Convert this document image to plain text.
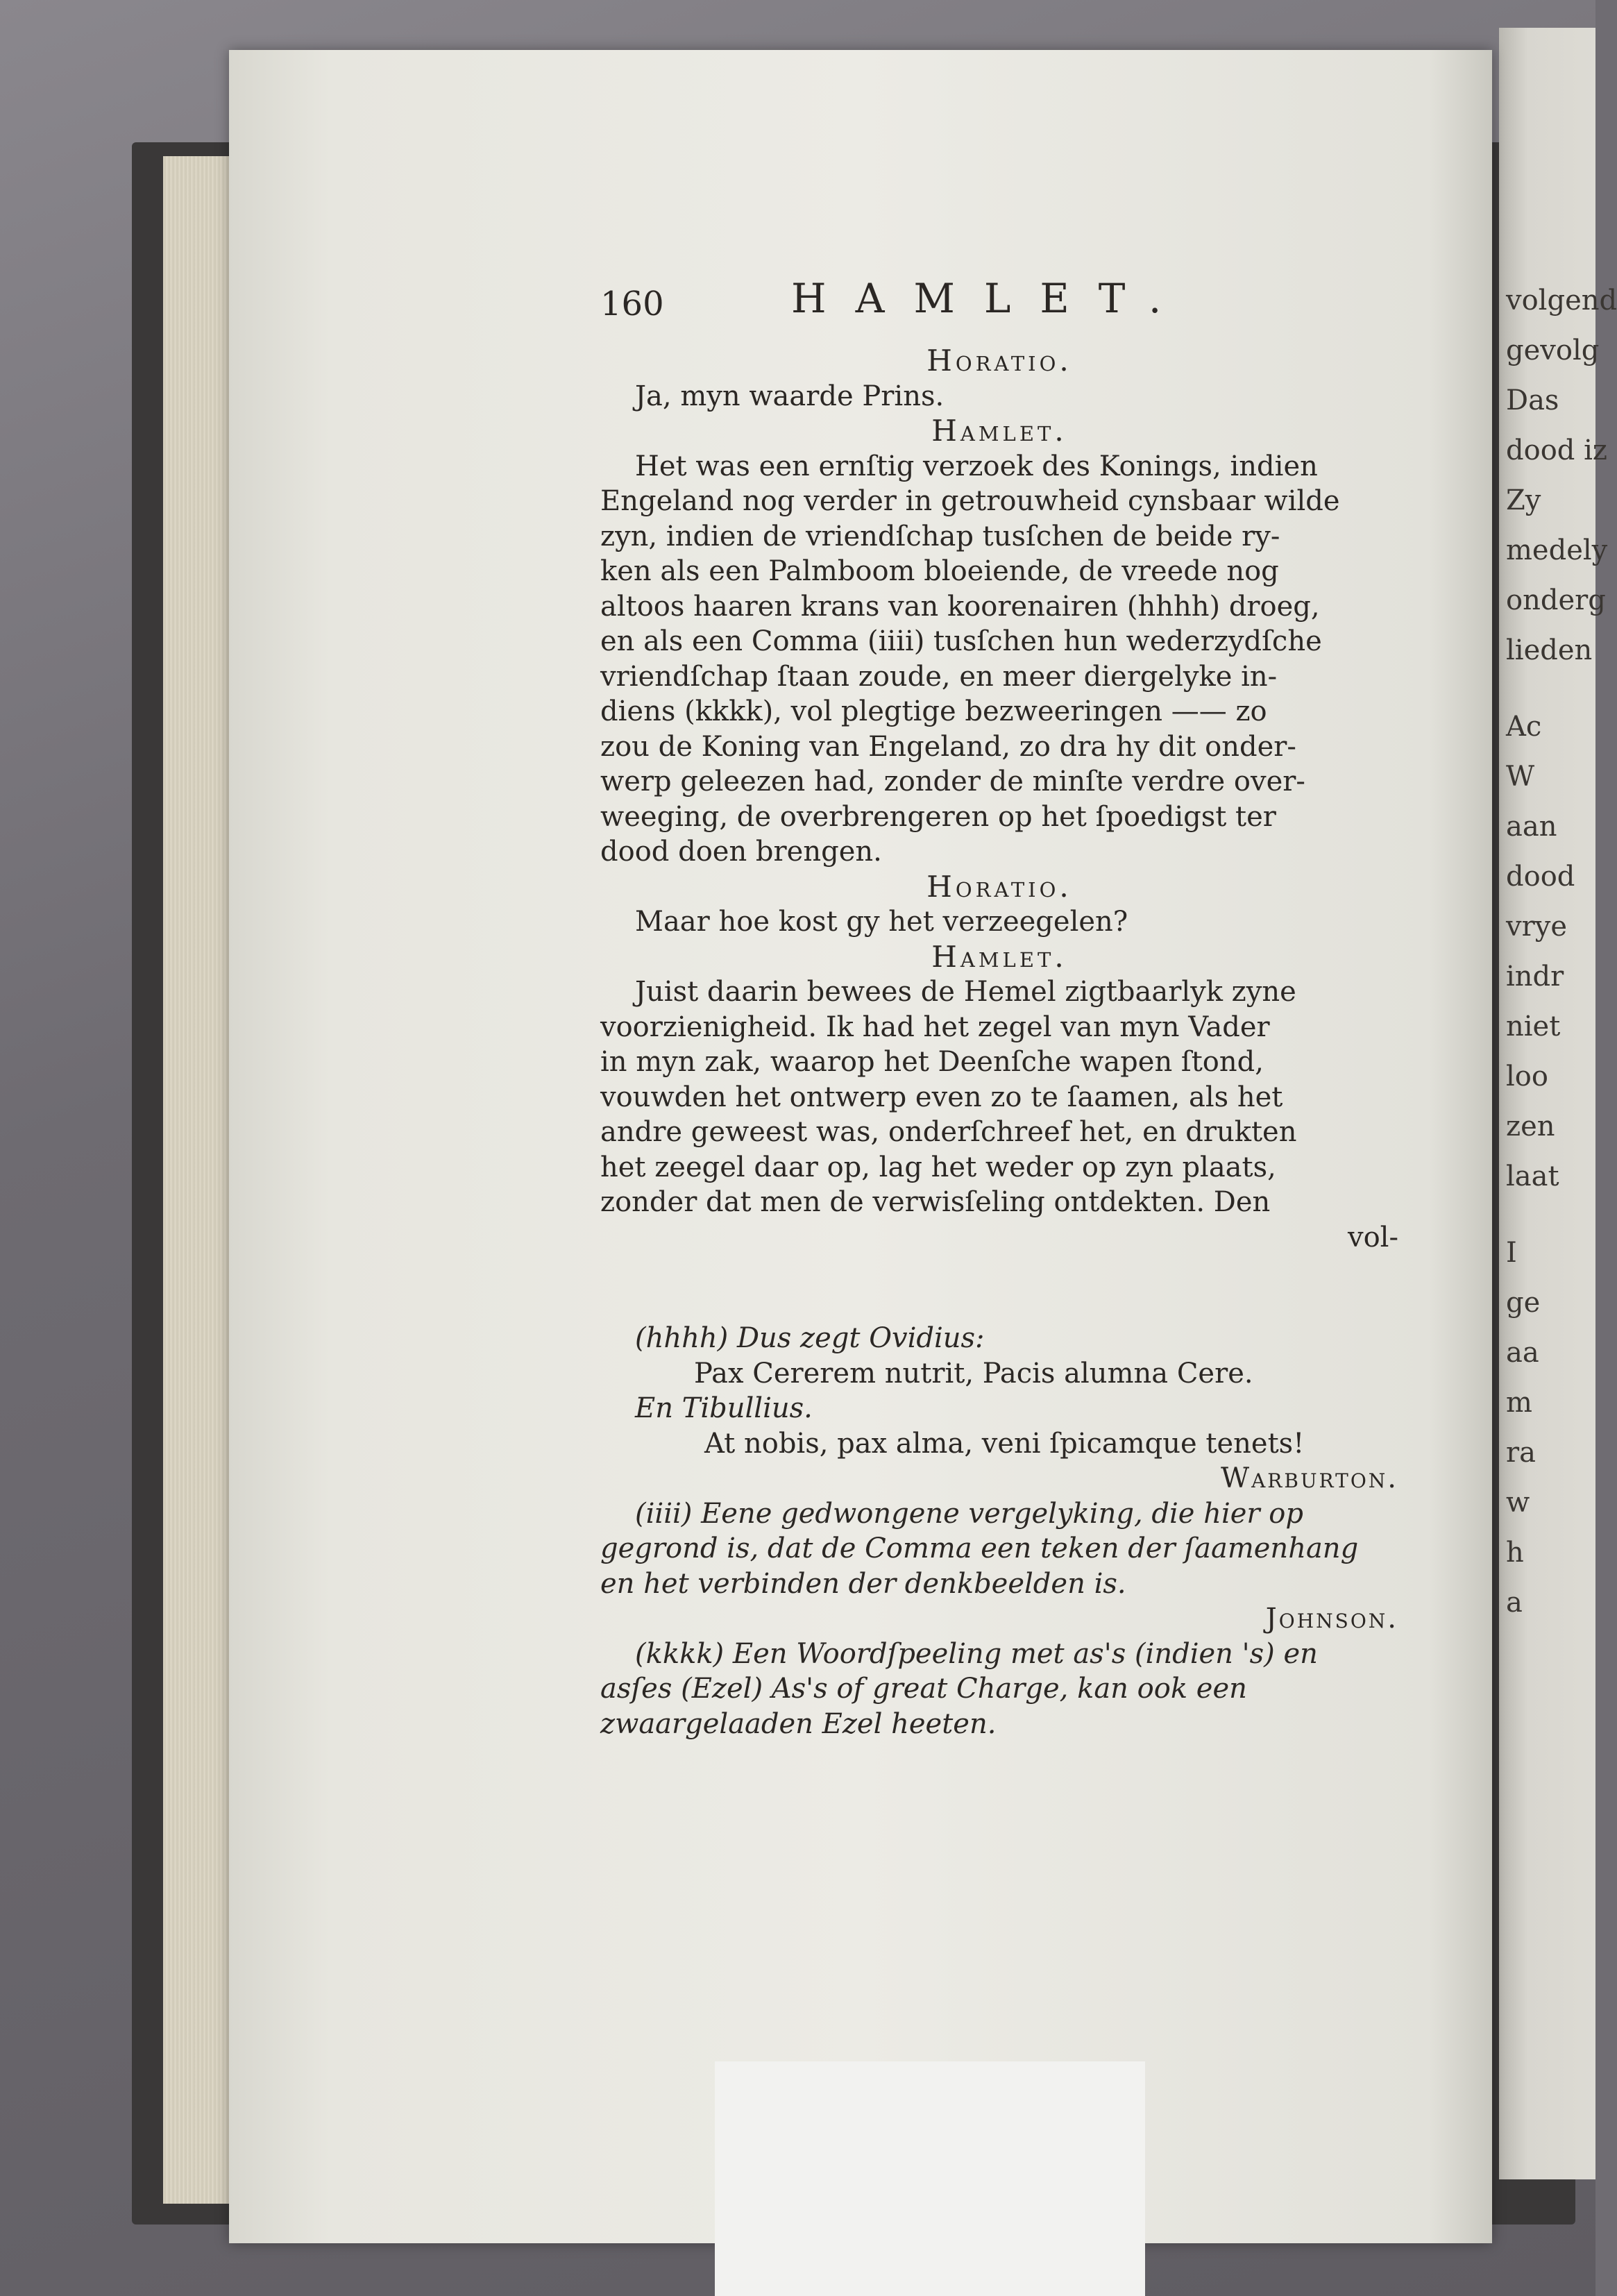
volgend
gevolg
Das
dood iz
Zy
medely
onderg
lieden
Ac
W
aan
dood
vrye
indr
niet
loo
zen
laat
I
ge
aa
m
ra
w
h
a
160	HAMLET.
Horatio.
Ja, myn waarde Prins.
Hamlet.
Het was een ernſtig verzoek des Konings, indien
Engeland nog verder in getrouwheid cynsbaar wilde
zyn, indien de vriendſchap tusſchen de beide ry-
ken als een Palmboom bloeiende, de vreede nog
altoos haaren krans van koorenairen (hhhh) droeg,
en als een Comma (iiii) tusſchen hun wederzydſche
vriendſchap ſtaan zoude, en meer diergelyke in-
diens (kkkk), vol plegtige bezweeringen —— zo
zou de Koning van Engeland, zo dra hy dit onder-
werp geleezen had, zonder de minſte verdre over-
weeging, de overbrengeren op het ſpoedigst ter
dood doen brengen.
Horatio.
Maar hoe kost gy het verzeegelen?
Hamlet.
Juist daarin bewees de Hemel zigtbaarlyk zyne
voorzienigheid. Ik had het zegel van myn Vader
in myn zak, waarop het Deenſche wapen ſtond,
vouwden het ontwerp even zo te ſaamen, als het
andre geweest was, onderſchreef het, en drukten
het zeegel daar op, lag het weder op zyn plaats,
zonder dat men de verwisſeling ontdekten. Den
vol-
(hhhh) Dus zegt Ovidius:
Pax Cererem nutrit, Pacis alumna Cere.
En Tibullius.
At nobis, pax alma, veni ſpicamque tenets!
Warburton.
(iiii) Eene gedwongene vergelyking, die hier op
gegrond is, dat de Comma een teken der ſaamenhang
en het verbinden der denkbeelden is.
Johnson.
(kkkk) Een Woordſpeeling met as's (indien 's) en
asſes (Ezel) As's of great Charge, kan ook een
zwaargelaaden Ezel heeten.
